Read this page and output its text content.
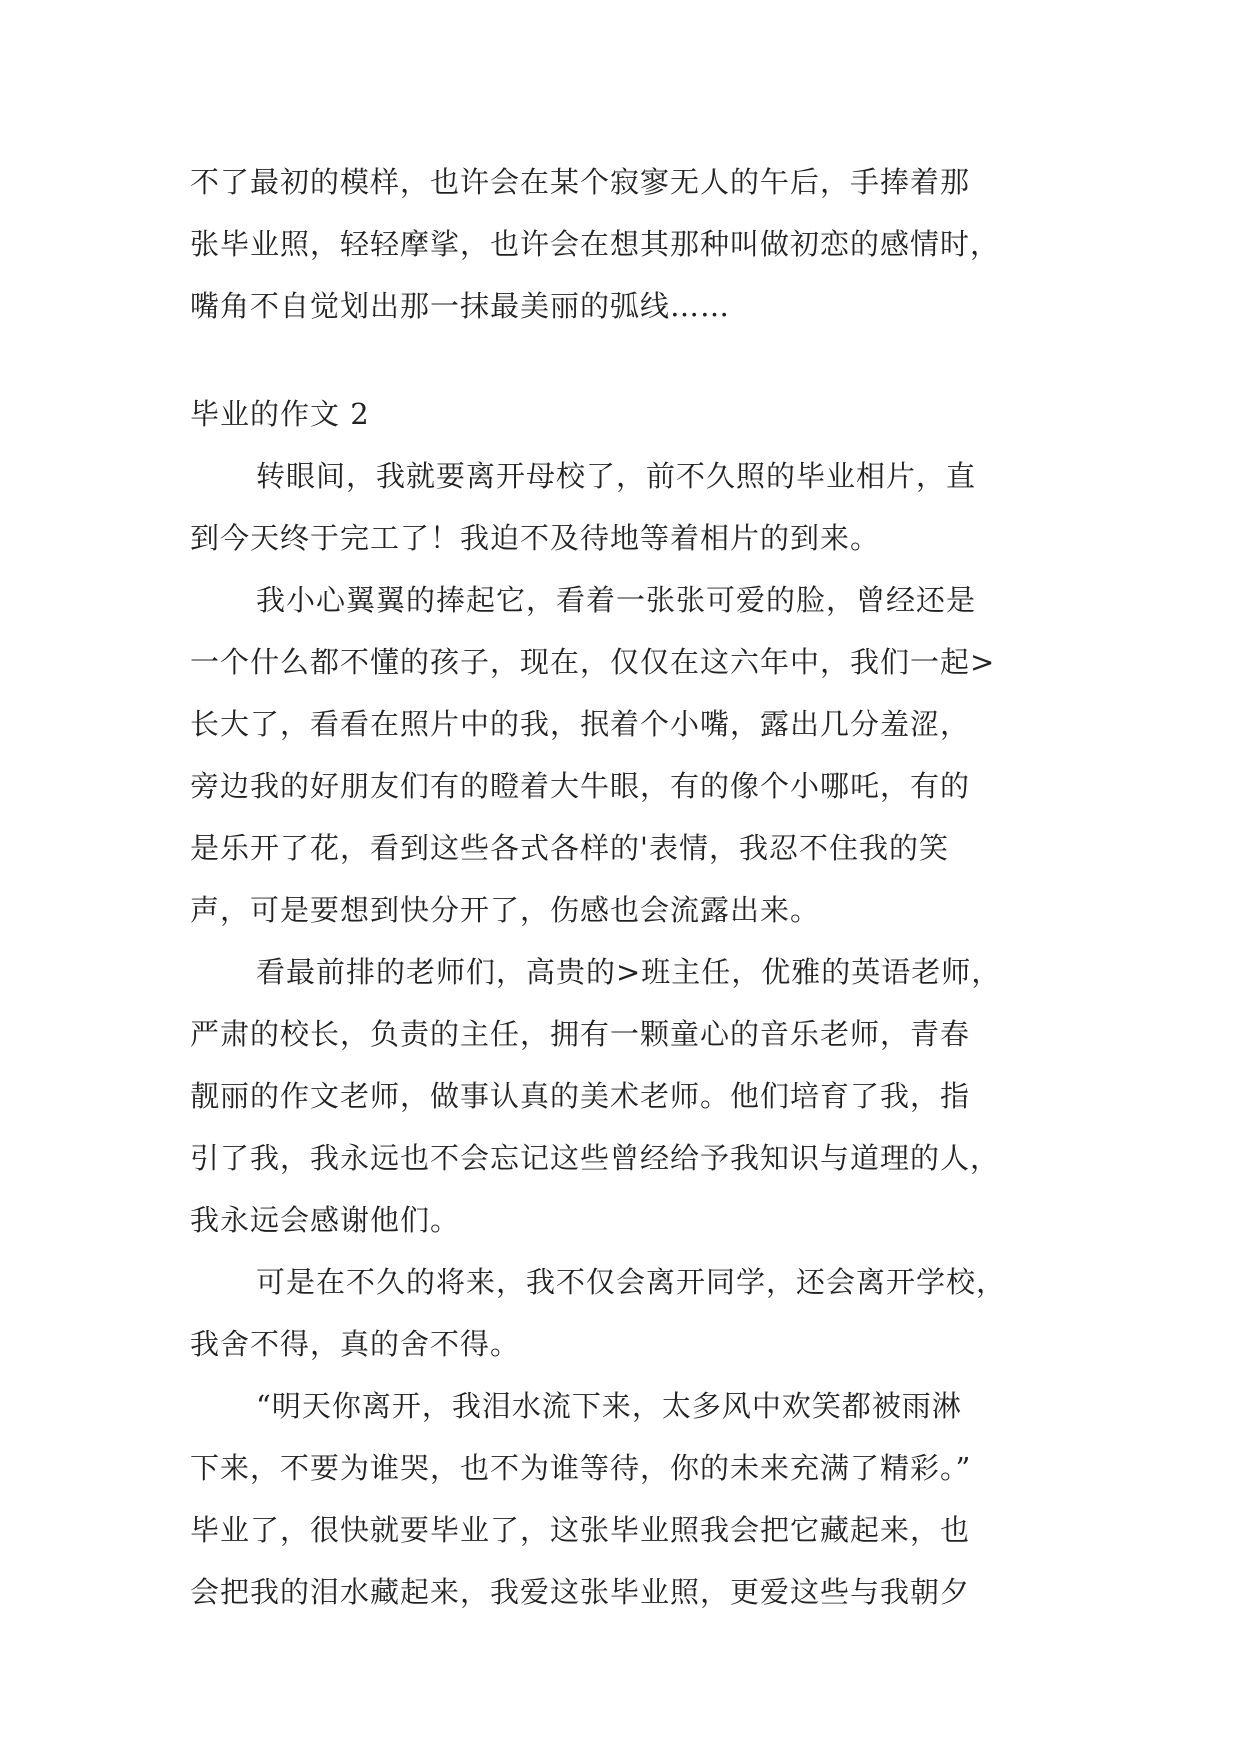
不了最初的模样，也许会在某个寂寥无人的午后，手捧着那
张毕业照，轻轻摩挲，也许会在想其那种叫做初恋的感情时，
嘴角不自觉划出那一抹最美丽的弧线……
毕业的作文 2
转眼间，我就要离开母校了，前不久照的毕业相片，直
到今天终于完工了！我迫不及待地等着相片的到来。
我小心翼翼的捧起它，看着一张张可爱的脸，曾经还是
一个什么都不懂的孩子，现在，仅仅在这六年中，我们一起>
长大了，看看在照片中的我，抿着个小嘴，露出几分羞涩，
旁边我的好朋友们有的瞪着大牛眼，有的像个小哪吒，有的
是乐开了花，看到这些各式各样的'表情，我忍不住我的笑
声，可是要想到快分开了，伤感也会流露出来。
看最前排的老师们，高贵的>班主任，优雅的英语老师，
严肃的校长，负责的主任，拥有一颗童心的音乐老师，青春
靓丽的作文老师，做事认真的美术老师。他们培育了我，指
引了我，我永远也不会忘记这些曾经给予我知识与道理的人，
我永远会感谢他们。
可是在不久的将来，我不仅会离开同学，还会离开学校，
我舍不得，真的舍不得。
“明天你离开，我泪水流下来，太多风中欢笑都被雨淋
下来，不要为谁哭，也不为谁等待，你的未来充满了精彩。”
毕业了，很快就要毕业了，这张毕业照我会把它藏起来，也
会把我的泪水藏起来，我爱这张毕业照，更爱这些与我朝夕
